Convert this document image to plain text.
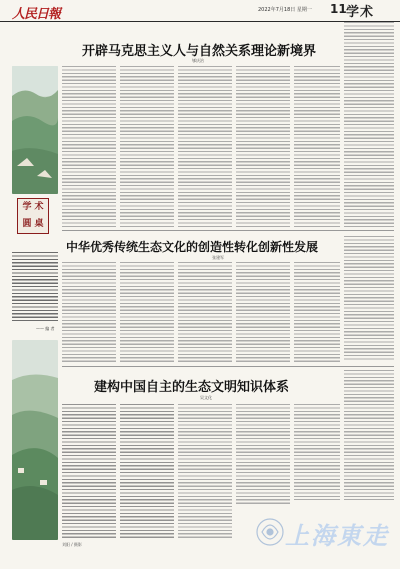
人民日報	2022年7月18日 星期一 11 学术
开辟马克思主义人与自然关系理论新境界
郇庆治
学 术
圆 桌
—— 编 者
中华优秀传统生态文化的创造性转化创新性发展
张建军
建构中国自主的生态文明知识体系
吴文化
刘阳 / 摄影	上海東走
